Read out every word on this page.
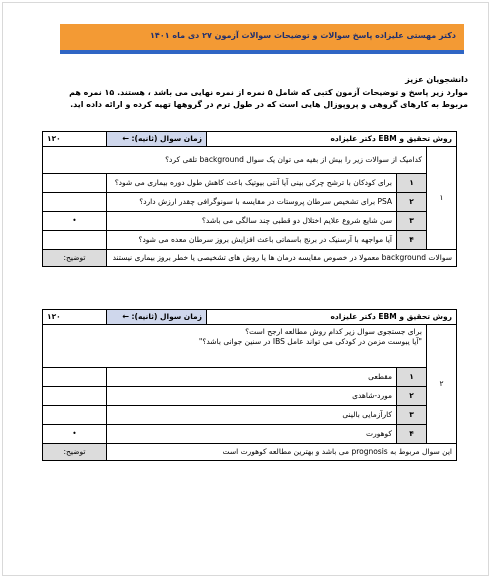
دکتر مهستی علیزاده پاسخ سوالات و توضیحات سوالات آزمون ۲۷ دی ماه ۱۴۰۱
دانشجویان عزیز
موارد زیر پاسخ و توضیحات آزمون کتبی که شامل ۵ نمره از نمره نهایی می باشد ، هستند. ۱۵ نمره هم مربوط به کارهای گروهی و پروپوزال هایی است که در طول ترم در گروهها تهیه کرده و ارائه داده اید.
روش تحقیق و EBM دکتر علیزاده			زمان سوال (ثانیه): ←	۱۲۰
۱	کدامیک از سوالات زیر را بیش از بقیه می توان یک سوال background تلقی کرد؟			
	۱	برای کودکان با ترشح چرکی بینی آیا آنتی بیوتیک باعث کاهش طول دوره بیماری می شود؟		
	۲	PSA برای تشخیص سرطان پروستات در مقایسه با سونوگرافی چقدر ارزش دارد؟		
	۳	سن شایع شروع علایم اختلال دو قطبی چند سالگی می باشد؟		•
	۴	آیا مواجهه با آرسنیک در برنج باسماتی باعث افزایش بروز سرطان معده می شود؟		
سوالات background معمولا در خصوص مقایسه درمان ها یا روش های تشخیصی یا خطر بروز بیماری نیستند				توضیح:
روش تحقیق و EBM دکتر علیزاده			زمان سوال (ثانیه): ←	۱۲۰
۲	برای جستجوی سوال زیر کدام روش مطالعه ارجح است؟
"آیا یبوست مزمن در کودکی می تواند عامل IBS در سنین جوانی باشد؟"			

	۱	مقطعی		
	۲	مورد-شاهدی		
	۳	کارآزمایی بالینی		
	۴	کوهورت		•
این سوال مربوط به prognosis می باشد و بهترین مطالعه کوهورت است				توضیح:
